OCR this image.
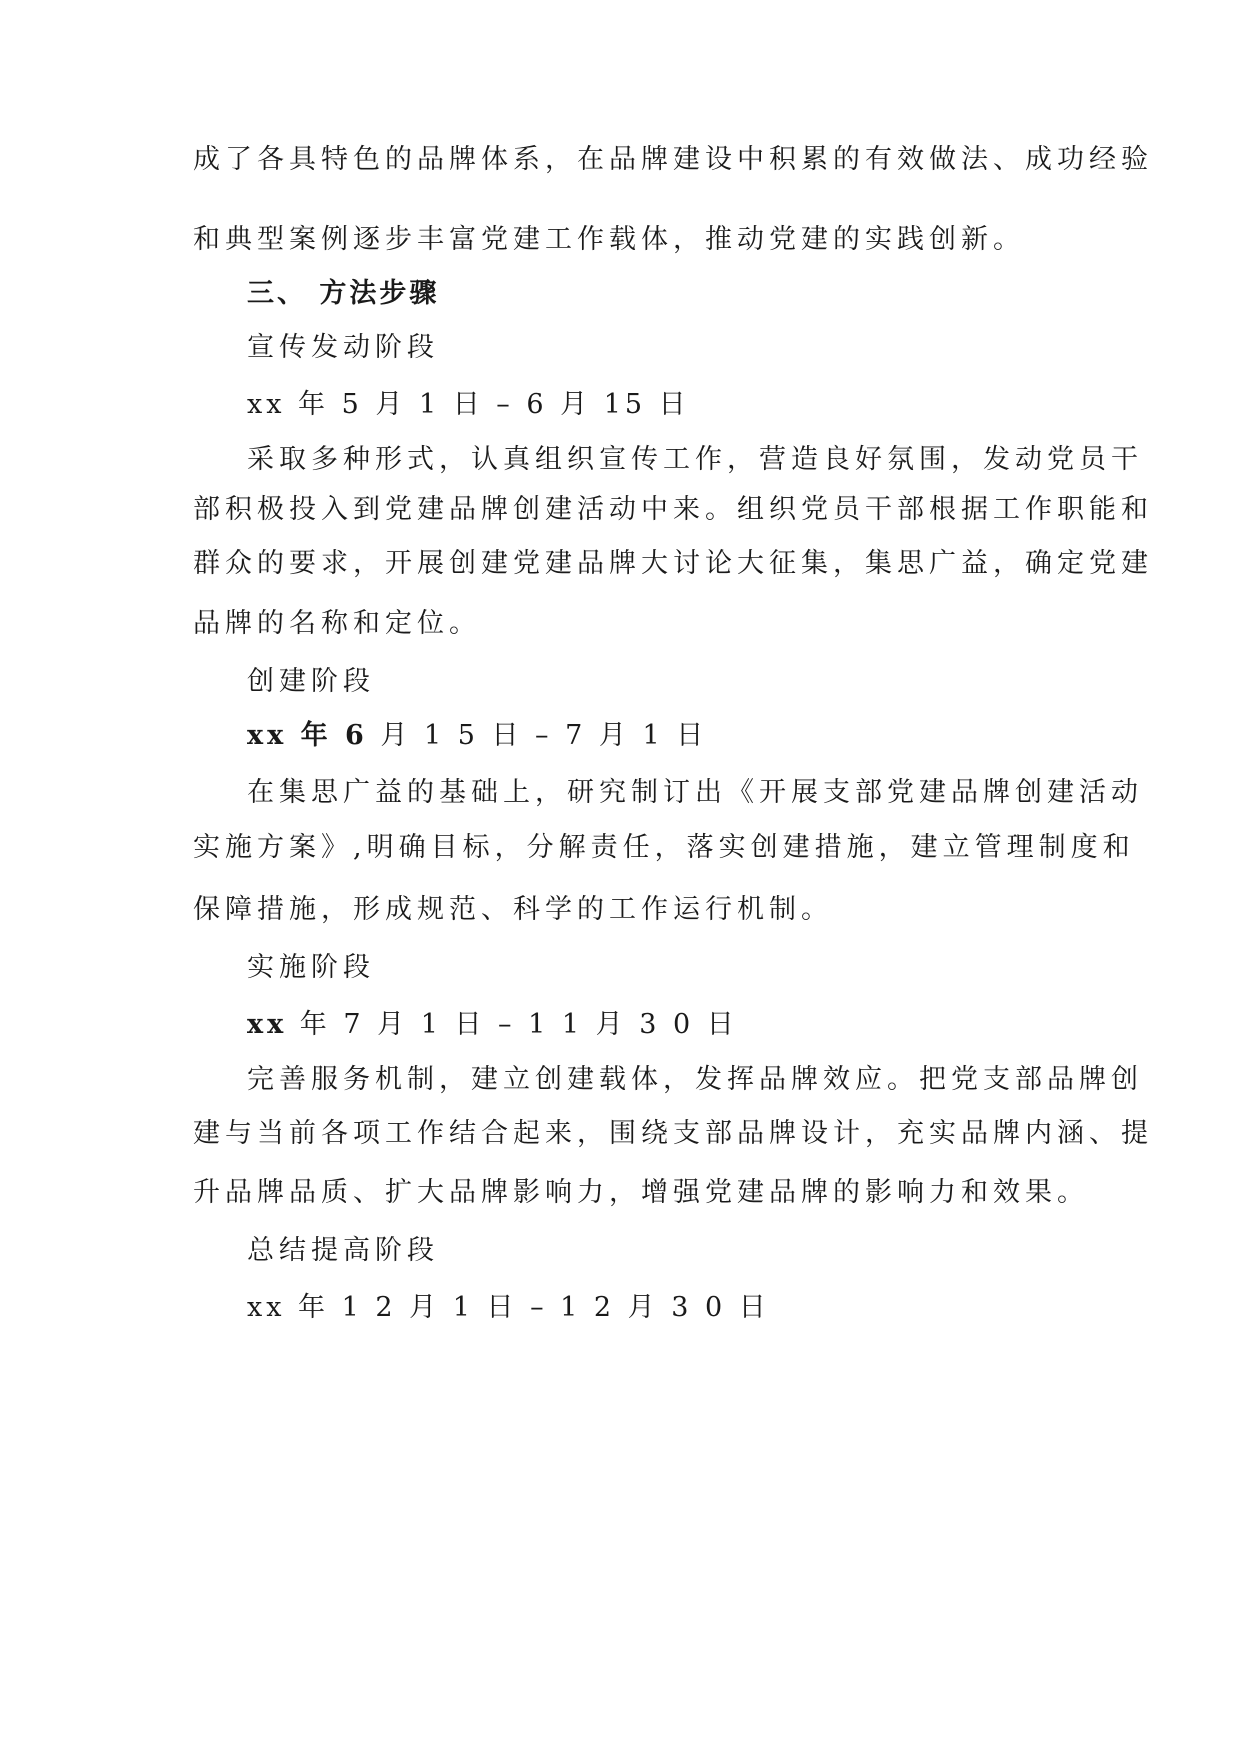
成了各具特色的品牌体系，在品牌建设中积累的有效做法、成功经验
和典型案例逐步丰富党建工作载体，推动党建的实践创新。
三、 方法步骤
宣传发动阶段
xx 年 5 月 1 日 – 6 月 15 日
采取多种形式，认真组织宣传工作，营造良好氛围，发动党员干
部积极投入到党建品牌创建活动中来。组织党员干部根据工作职能和
群众的要求，开展创建党建品牌大讨论大征集，集思广益，确定党建
品牌的名称和定位。
创建阶段
xx 年 6 月 1 5 日 – 7 月 1 日
在集思广益的基础上，研究制订出《开展支部党建品牌创建活动
实施方案》,明确目标，分解责任，落实创建措施，建立管理制度和
保障措施，形成规范、科学的工作运行机制。
实施阶段
xx 年 7 月 1 日 – 1 1 月 3 0 日
完善服务机制，建立创建载体，发挥品牌效应。把党支部品牌创
建与当前各项工作结合起来，围绕支部品牌设计，充实品牌内涵、提
升品牌品质、扩大品牌影响力，增强党建品牌的影响力和效果。
总结提高阶段
xx 年 1 2 月 1 日 – 1 2 月 3 0 日
